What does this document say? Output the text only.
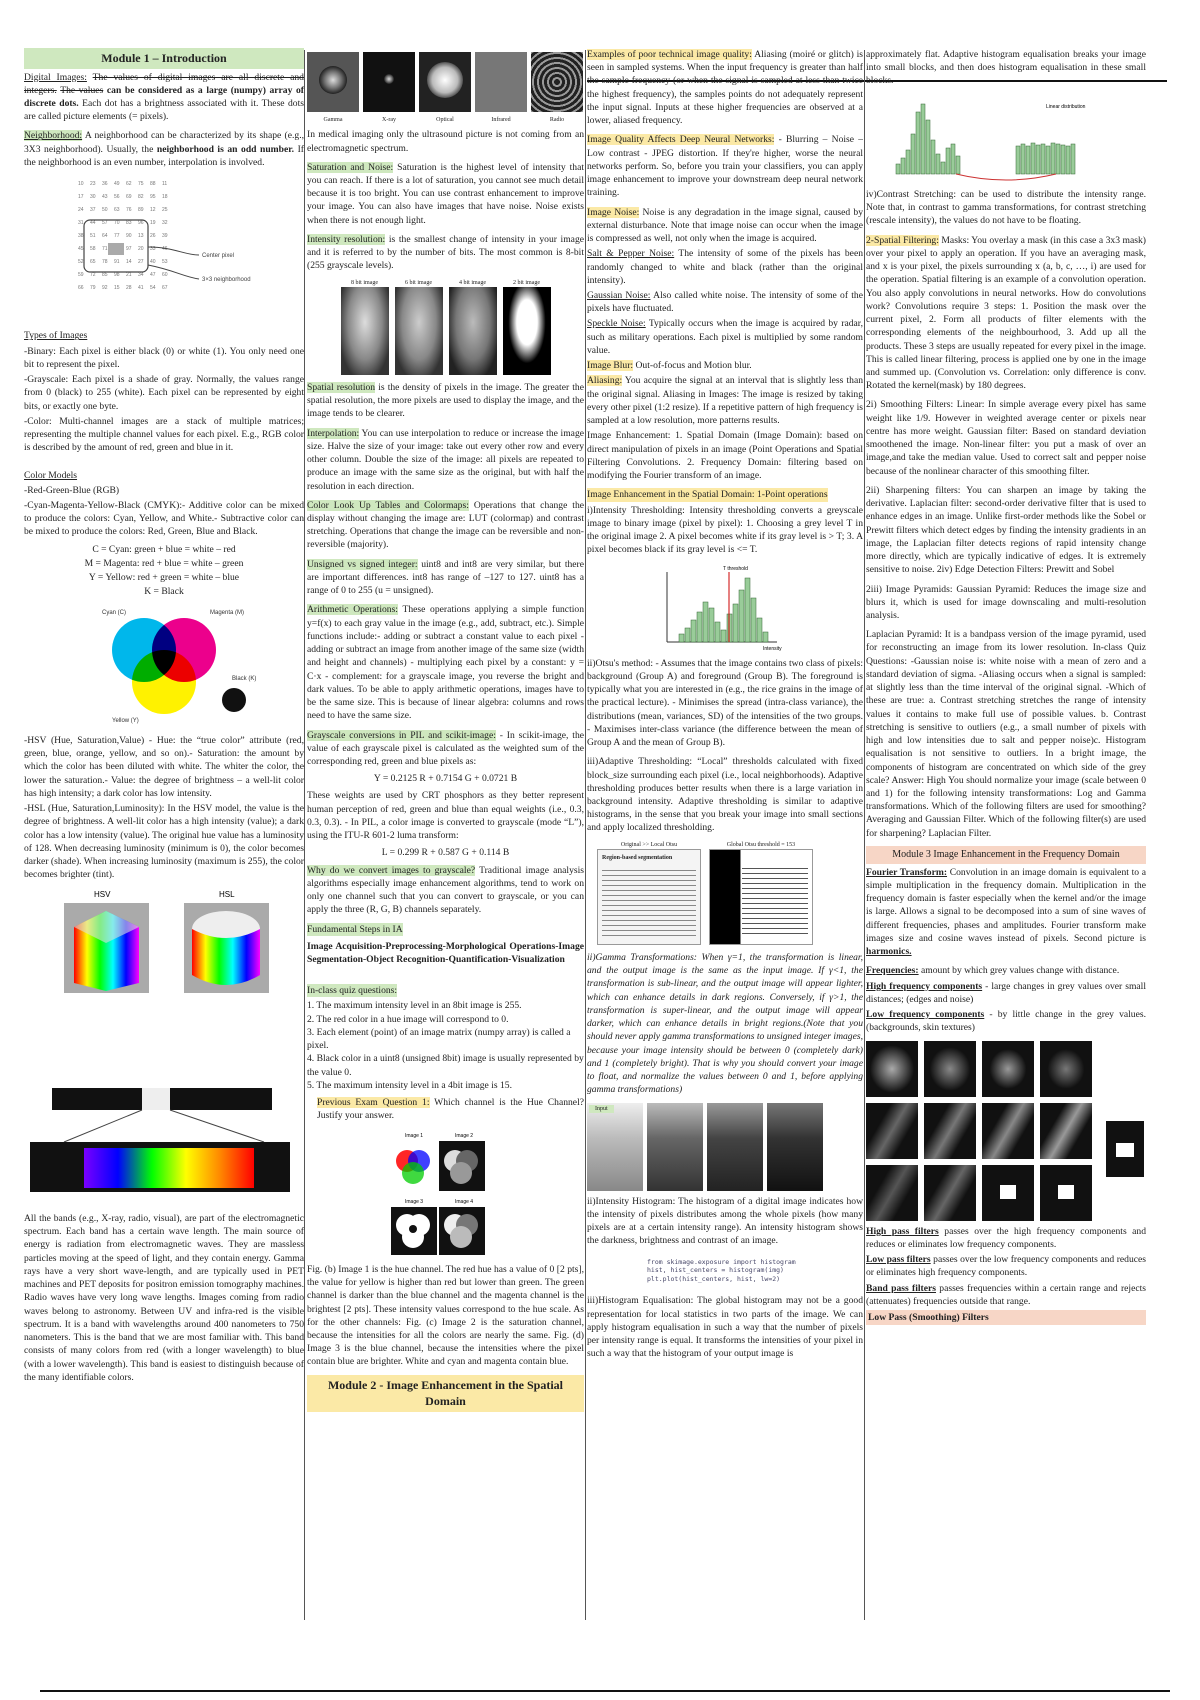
Module 1 – Introduction

Digital Images: The values of digital images are all discrete and integers. The values can be considered as a large (numpy) array of discrete dots. Each dot has a brightness associated with it. These dots are called picture elements (= pixels).

Neighborhood: A neighborhood can be characterized by its shape (e.g., 3X3 neighborhood). Usually, the neighborhood is an odd number. If the neighborhood is an even number, interpolation is involved.

10 23 36 49 62 75 88 11
17 30 43 56 69 82 95 18
24 37 50 63 76 89 12 25
31 44 57 70 83 96 19 32
38 51 64 77 90 13 26 39
45 58 71	97 20 33 46
52 65 78 91 14 27 40 53
59 72 85 98 21 34 47 60
66 79 92 15 28 41 54 67
Center pixel
3×3 neighborhood

Types of Images

-Binary: Each pixel is either black (0) or white (1). You only need one bit to represent the pixel.

-Grayscale: Each pixel is a shade of gray. Normally, the values range from 0 (black) to 255 (white). Each pixel can be represented by eight bits, or exactly one byte.

-Color: Multi-channel images are a stack of multiple matrices; representing the multiple channel values for each pixel. E.g., RGB color is described by the amount of red, green and blue in it.

Color Models

-Red-Green-Blue (RGB)

-Cyan-Magenta-Yellow-Black (CMYK):- Additive color can be mixed to produce the colors: Cyan, Yellow, and White.- Subtractive color can be mixed to produce the colors: Red, Green, Blue and Black.

C = Cyan: green + blue = white – red
M = Magenta: red + blue = white – green
Y = Yellow: red + green = white – blue
K = Black
Cyan (C)	Magenta (M)
Yellow (Y)
Black (K)

-HSV (Hue, Saturation,Value) - Hue: the “true color” attribute (red, green, blue, orange, yellow, and so on).- Saturation: the amount by which the color has been diluted with white. The whiter the color, the lower the saturation.- Value: the degree of brightness – a well-lit color has high intensity; a dark color has low intensity.

-HSL (Hue, Saturation,Luminosity): In the HSV model, the value is the degree of brightness. A well-lit color has a high intensity (value); a dark color has a low intensity (value). The original hue value has a luminosity of 128. When decreasing luminosity (minimum is 0), the color becomes darker (shade). When increasing luminosity (maximum is 255), the color becomes brighter (tint).

HSV	HSL

All the bands (e.g., X-ray, radio, visual), are part of the electromagnetic spectrum. Each band has a certain wave length. The main source of energy is radiation from electromagnetic waves. They are massless particles moving at the speed of light, and they contain energy. Gamma rays have a very short wave-length, and are typically used in PET machines and PET deposits for positron emission tomography machines. Radio waves have very long wave lengths. Images coming from radio waves belong to astronomy. Between UV and infra-red is the visible spectrum. It is a band with wavelengths around 400 nanometers to 750 nanometers. This is the band that we are most familiar with. This band consists of many colors from red (with a longer wavelength) to blue (with a lower wavelength). This band is easiest to distinguish because of the many identifiable colors.

Gamma	X-ray	Optical	Infrared	Radio

In medical imaging only the ultrasound picture is not coming from an electromagnetic spectrum.

Saturation and Noise: Saturation is the highest level of intensity that you can reach. If there is a lot of saturation, you cannot see much detail because it is too bright. You can use contrast enhancement to improve your image. You can also have images that have noise. Noise exists when there is not enough light.

Intensity resolution: is the smallest change of intensity in your image and it is referred to by the number of bits. The most common is 8-bit (255 grayscale levels).

8 bit image	6 bit image	4 bit image	2 bit image

Spatial resolution is the density of pixels in the image. The greater the spatial resolution, the more pixels are used to display the image, and the image tends to be clearer.

Interpolation: You can use interpolation to reduce or increase the image size. Halve the size of your image: take out every other row and every other column. Double the size of the image: all pixels are repeated to produce an image with the same size as the original, but with half the resolution in each direction.

Color Look Up Tables and Colormaps: Operations that change the display without changing the image are: LUT (colormap) and contrast stretching. Operations that change the image can be reversible and non-reversible (majority).

Unsigned vs signed integer: uint8 and int8 are very similar, but there are important differences. int8 has range of –127 to 127. uint8 has a range of 0 to 255 (u = unsigned).

Arithmetic Operations: These operations applying a simple function y=f(x) to each gray value in the image (e.g., add, subtract, etc.). Simple functions include:- adding or subtract a constant value to each pixel - adding or subtract an image from another image of the same size (width and height and channels) - multiplying each pixel by a constant: y = C·x - complement: for a grayscale image, you reverse the bright and dark values. To be able to apply arithmetic operations, images have to be the same size. This is because of linear algebra: columns and rows need to have the same size.

Grayscale conversions in PIL and scikit-image: - In scikit-image, the value of each grayscale pixel is calculated as the weighted sum of the corresponding red, green and blue pixels as:

Y = 0.2125 R + 0.7154 G + 0.0721 B

These weights are used by CRT phosphors as they better represent human perception of red, green and blue than equal weights (i.e., 0.3, 0.3, 0.3). - In PIL, a color image is converted to grayscale (mode “L”), using the ITU-R 601-2 luma transform:

L = 0.299 R + 0.587 G + 0.114 B

Why do we convert images to grayscale? Traditional image analysis algorithms especially image enhancement algorithms, tend to work on only one channel such that you can convert to grayscale, or you can apply the three (R, G, B) channels separately.

Fundamental Steps in IA

Image Acquisition-Preprocessing-Morphological Operations-Image Segmentation-Object Recognition-Quantification-Visualization

In-class quiz questions:

1. The maximum intensity level in an 8bit image is 255.
2. The red color in a hue image will correspond to 0.
3. Each element (point) of an image matrix (numpy array) is called a pixel.
4. Black color in a uint8 (unsigned 8bit) image is usually represented by the value 0.
5. The maximum intensity level in a 4bit image is 15.

Previous Exam Question 1: Which channel is the Hue Channel? Justify your answer.

Image 1	Image 2
Image 3	Image 4

Fig. (b) Image 1 is the hue channel. The red hue has a value of 0 [2 pts], the value for yellow is higher than red but lower than green. The green channel is darker than the blue channel and the magenta channel is the brightest [2 pts]. These intensity values correspond to the hue scale. As for the other channels: Fig. (c) Image 2 is the saturation channel, because the intensities for all the colors are nearly the same. Fig. (d) Image 3 is the blue channel, because the intensities where the pixel contain blue are brighter. White and cyan and magenta contain blue.

Module 2 - Image Enhancement in the Spatial Domain

Examples of poor technical image quality: Aliasing (moiré or glitch) is seen in sampled systems. When the input frequency is greater than half the sample frequency (or when the signal is sampled at less than twice the highest frequency), the samples points do not adequately represent the input signal. Inputs at these higher frequencies are observed at a lower, aliased frequency.

Image Quality Affects Deep Neural Networks: - Blurring – Noise – Low contrast - JPEG distortion. If they're higher, worse the neural networks perform. So, before you train your classifiers, you can apply image enhancement to improve your downstream deep neural network training.

Image Noise: Noise is any degradation in the image signal, caused by external disturbance. Note that image noise can occur when the image is compressed as well, not only when the image is acquired.

Salt & Pepper Noise: The intensity of some of the pixels has been randomly changed to white and black (rather than the original intensity).

Gaussian Noise: Also called white noise. The intensity of some of the pixels have fluctuated.

Speckle Noise: Typically occurs when the image is acquired by radar, such as military operations. Each pixel is multiplied by some random value.

Image Blur: Out-of-focus and Motion blur.

Aliasing: You acquire the signal at an interval that is slightly less than the original signal. Aliasing in Images: The image is resized by taking every other pixel (1:2 resize). If a repetitive pattern of high frequency is sampled at a low resolution, more patterns results.

Image Enhancement: 1. Spatial Domain (Image Domain): based on direct manipulation of pixels in an image (Point Operations and Spatial Filtering Convolutions. 2. Frequency Domain: filtering based on modifying the Fourier transform of an image.

Image Enhancement in the Spatial Domain: 1-Point operations

i)Intensity Thresholding: Intensity thresholding converts a greyscale image to binary image (pixel by pixel): 1. Choosing a grey level T in the original image 2. A pixel becomes white if its gray level is > T; 3. A pixel becomes black if its gray level is <= T.

T threshold
Intensity

ii)Otsu's method: - Assumes that the image contains two class of pixels: background (Group A) and foreground (Group B). The foreground is typically what you are interested in (e.g., the rice grains in the image of the practical lecture). - Minimises the spread (intra-class variance), the distributions (mean, variances, SD) of the intensities of the two groups. - Maximises inter-class variance (the difference between the mean of Group A and the mean of Group B).

iii)Adaptive Thresholding: “Local” thresholds calculated with fixed block_size surrounding each pixel (i.e., local neighborhoods). Adaptive thresholding produces better results when there is a large variation in background intensity. Adaptive thresholding is similar to adaptive histograms, in the sense that you break your image into small sections and apply localized thresholding.

Original >> Local Otsu
Region-based segmentation
Global Otsu threshold = 153

ii)Gamma Transformations: When γ=1, the transformation is linear, and the output image is the same as the input image. If γ<1, the transformation is sub-linear, and the output image will appear lighter, which can enhance details in dark regions. Conversely, if γ>1, the transformation is super-linear, and the output image will appear darker, which can enhance details in bright regions.(Note that you should never apply gamma transformations to unsigned integer images, because your image intensity should be between 0 (completely dark) and 1 (completely bright). That is why you should convert your image to float, and normalize the values between 0 and 1, before applying gamma transformations)

Input

ii)Intensity Histogram: The histogram of a digital image indicates how the intensity of pixels distributes among the whole pixels (how many pixels are at a certain intensity range). An intensity histogram shows the darkness, brightness and contrast of an image.

from skimage.exposure import histogram
hist, hist_centers = histogram(img)
plt.plot(hist_centers, hist, lw=2)

iii)Histogram Equalisation: The global histogram may not be a good representation for local statistics in two parts of the image. We can apply histogram equalisation in such a way that the number of pixels per intensity range is equal. It transforms the intensities of your pixel in such a way that the histogram of your output image is

approximately flat. Adaptive histogram equalisation breaks your image into small blocks, and then does histogram equalisation in these small blocks.

Linear distribution

iv)Contrast Stretching: can be used to distribute the intensity range. Note that, in contrast to gamma transformations, for contrast stretching (rescale intensity), the values do not have to be floating.

2-Spatial Filtering: Masks: You overlay a mask (in this case a 3x3 mask) over your pixel to apply an operation. If you have an averaging mask, and x is your pixel, the pixels surrounding x (a, b, c, …, i) are used for the operation. Spatial filtering is an example of a convolution operation. You also apply convolutions in neural networks. How do convolutions work? Convolutions require 3 steps: 1. Position the mask over the current pixel, 2. Form all products of filter elements with the corresponding elements of the neighbourhood, 3. Add up all the products. These 3 steps are usually repeated for every pixel in the image. This is called linear filtering, process is applied one by one in the image and summed up. (Convolution vs. Correlation: only difference is conv. Rotated the kernel(mask) by 180 degrees.

2i) Smoothing Filters: Linear: In simple average every pixel has same weight like 1/9. However in weighted average center or pixels near centre has more weight. Gaussian filter: Based on standard deviation smoothened the image. Non-linear filter: you put a mask of over an image,and take the median value. Used to correct salt and pepper noise because of the nonlinear character of this smoothing filter.

2ii) Sharpening filters: You can sharpen an image by taking the derivative. Laplacian filter: second-order derivative filter that is used to enhance edges in an image. Unlike first-order methods like the Sobel or Prewitt filters which detect edges by finding the intensity gradients in an image, the Laplacian filter detects regions of rapid intensity change more directly, which are typically indicative of edges. It is extremely sensitive to noise. 2iv) Edge Detection Filters: Prewitt and Sobel

2iii) Image Pyramids: Gaussian Pyramid: Reduces the image size and blurs it, which is used for image downscaling and multi-resolution analysis.

Laplacian Pyramid: It is a bandpass version of the image pyramid, used for reconstructing an image from its lower resolution. In-class Quiz Questions: -Gaussian noise is: white noise with a mean of zero and a standard deviation of sigma. -Aliasing occurs when a signal is sampled: at slightly less than the time interval of the original signal. -Which of these are true: a. Contrast stretching stretches the range of intensity values it contains to make full use of possible values. b. Contrast stretching is sensitive to outliers (e.g., a small number of pixels with high and low intensities due to salt and pepper noise)c. Histogram equalisation is not sensitive to outliers. In a bright image, the components of histogram are concentrated on which side of the grey scale? Answer: High You should normalize your image (scale between 0 and 1) for the following intensity transformations: Log and Gamma transformations. Which of the following filters are used for smoothing? Averaging and Gaussian Filter. Which of the following filter(s) are used for sharpening? Laplacian Filter.

Module 3 Image Enhancement in the Frequency Domain

Fourier Transform: Convolution in an image domain is equivalent to a simple multiplication in the frequency domain. Multiplication in the frequency domain is faster especially when the kernel and/or the image is large. Allows a signal to be decomposed into a sum of sine waves of different frequencies, phases and amplitudes. Fourier transform make images size and cosine waves instead of pixels. Second picture is harmonics.

Frequencies: amount by which grey values change with distance.

High frequency components - large changes in grey values over small distances; (edges and noise)

Low frequency components - by little change in the grey values. (backgrounds, skin textures)

High pass filters passes over the high frequency components and reduces or eliminates low frequency components.

Low pass filters passes over the low frequency components and reduces or eliminates high frequency components.

Band pass filters passes frequencies within a certain range and rejects (attenuates) frequencies outside that range.

Low Pass (Smoothing) Filters
